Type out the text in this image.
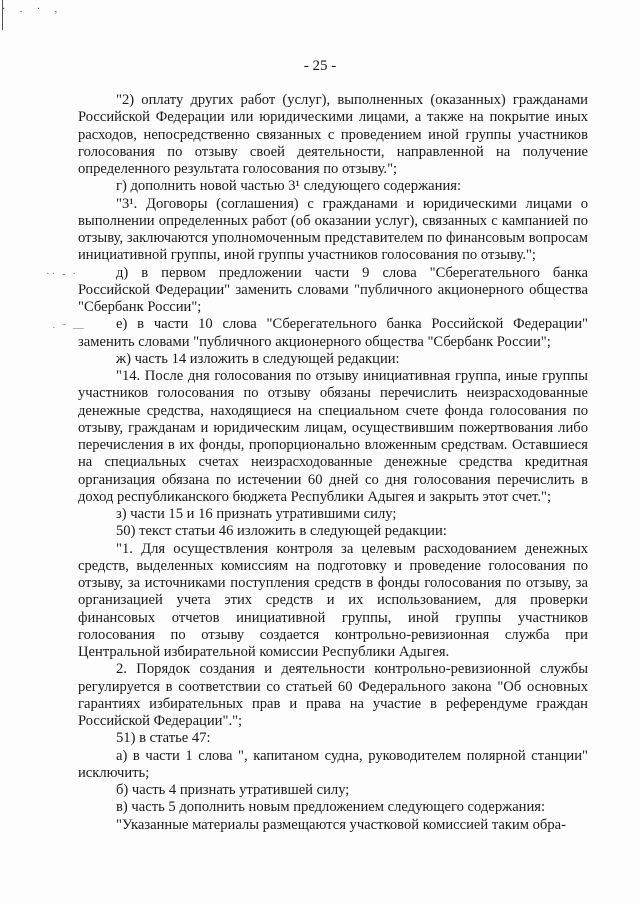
· . · ,
·· - ·
· ˜ —
- 25 -

"2) оплату других работ (услуг), выполненных (оказанных) гражданами Российской Федерации или юридическими лицами, а также на покрытие иных расходов, непосредственно связанных с проведением иной группы участников голосования по отзыву своей деятельности, направленной на получение определенного результата голосования по отзыву.";

г) дополнить новой частью 3¹ следующего содержания:

"3¹. Договоры (соглашения) с гражданами и юридическими лицами о выполнении определенных работ (об оказании услуг), связанных с кампанией по отзыву, заключаются уполномоченным представителем по финансовым вопросам инициативной группы, иной группы участников голосования по отзыву.";

д) в первом предложении части 9 слова "Сберегательного банка Российской Федерации" заменить словами "публичного акционерного общества "Сбербанк России";

е) в части 10 слова "Сберегательного банка Российской Федерации" заменить словами "публичного акционерного общества "Сбербанк России";

ж) часть 14 изложить в следующей редакции:

"14. После дня голосования по отзыву инициативная группа, иные группы участников голосования по отзыву обязаны перечислить неизрасходованные денежные средства, находящиеся на специальном счете фонда голосования по отзыву, гражданам и юридическим лицам, осуществившим пожертвования либо перечисления в их фонды, пропорционально вложенным средствам. Оставшиеся на специальных счетах неизрасходованные денежные средства кредитная организация обязана по истечении 60 дней со дня голосования перечислить в доход республиканского бюджета Республики Адыгея и закрыть этот счет.";

з) части 15 и 16 признать утратившими силу;

50) текст статьи 46 изложить в следующей редакции:

"1. Для осуществления контроля за целевым расходованием денежных средств, выделенных комиссиям на подготовку и проведение голосования по отзыву, за источниками поступления средств в фонды голосования по отзыву, за организацией учета этих средств и их использованием, для проверки финансовых отчетов инициативной группы, иной группы участников голосования по отзыву создается контрольно-ревизионная служба при Центральной избирательной комиссии Республики Адыгея.

2. Порядок создания и деятельности контрольно-ревизионной службы регулируется в соответствии со статьей 60 Федерального закона "Об основных гарантиях избирательных прав и права на участие в референдуме граждан Российской Федерации".";

51) в статье 47:

а) в части 1 слова ", капитаном судна, руководителем полярной станции" исключить;

б) часть 4 признать утратившей силу;

в) часть 5 дополнить новым предложением следующего содержания:

"Указанные материалы размещаются участковой комиссией таким обра-
